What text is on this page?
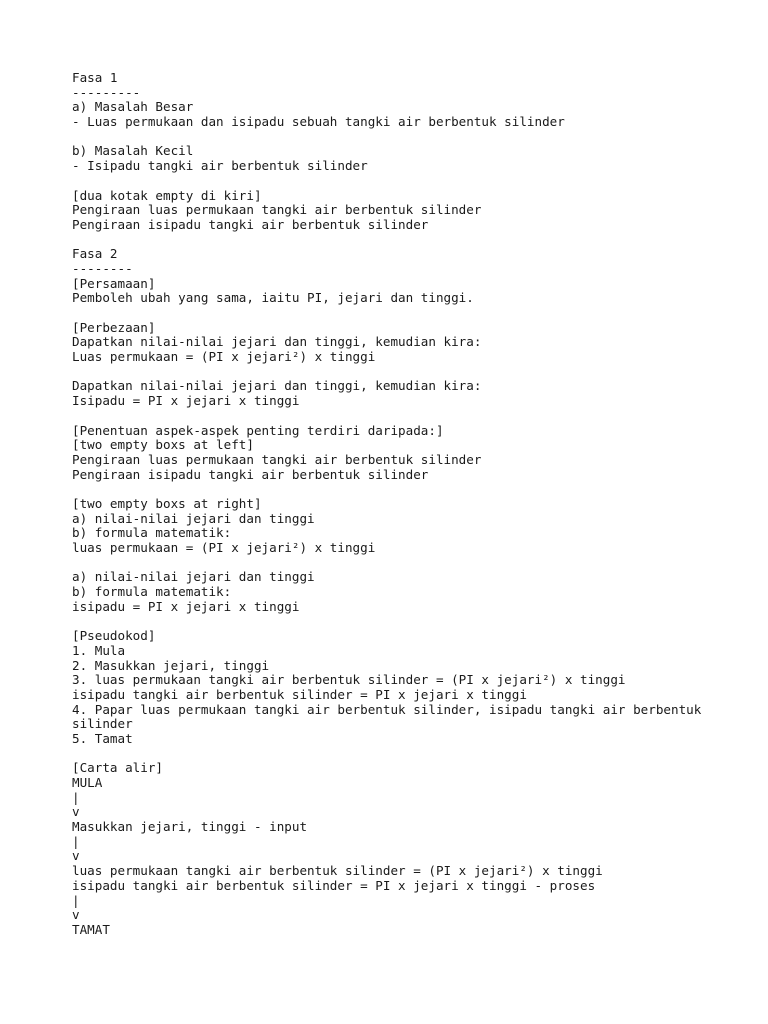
Fasa 1
---------
a) Masalah Besar
- Luas permukaan dan isipadu sebuah tangki air berbentuk silinder
b) Masalah Kecil
- Isipadu tangki air berbentuk silinder
[dua kotak empty di kiri]
Pengiraan luas permukaan tangki air berbentuk silinder
Pengiraan isipadu tangki air berbentuk silinder
Fasa 2
--------
[Persamaan]
Pemboleh ubah yang sama, iaitu PI, jejari dan tinggi.
[Perbezaan]
Dapatkan nilai-nilai jejari dan tinggi, kemudian kira:
Luas permukaan = (PI x jejari²) x tinggi
Dapatkan nilai-nilai jejari dan tinggi, kemudian kira:
Isipadu = PI x jejari x tinggi
[Penentuan aspek-aspek penting terdiri daripada:]
[two empty boxs at left]
Pengiraan luas permukaan tangki air berbentuk silinder
Pengiraan isipadu tangki air berbentuk silinder
[two empty boxs at right]
a) nilai-nilai jejari dan tinggi
b) formula matematik:
luas permukaan = (PI x jejari²) x tinggi
a) nilai-nilai jejari dan tinggi
b) formula matematik:
isipadu = PI x jejari x tinggi
[Pseudokod]
1. Mula
2. Masukkan jejari, tinggi
3. luas permukaan tangki air berbentuk silinder = (PI x jejari²) x tinggi
isipadu tangki air berbentuk silinder = PI x jejari x tinggi
4. Papar luas permukaan tangki air berbentuk silinder, isipadu tangki air berbentuk
silinder
5. Tamat
[Carta alir]
MULA
|
v
Masukkan jejari, tinggi - input
|
v
luas permukaan tangki air berbentuk silinder = (PI x jejari²) x tinggi
isipadu tangki air berbentuk silinder = PI x jejari x tinggi - proses
|
v
TAMAT
